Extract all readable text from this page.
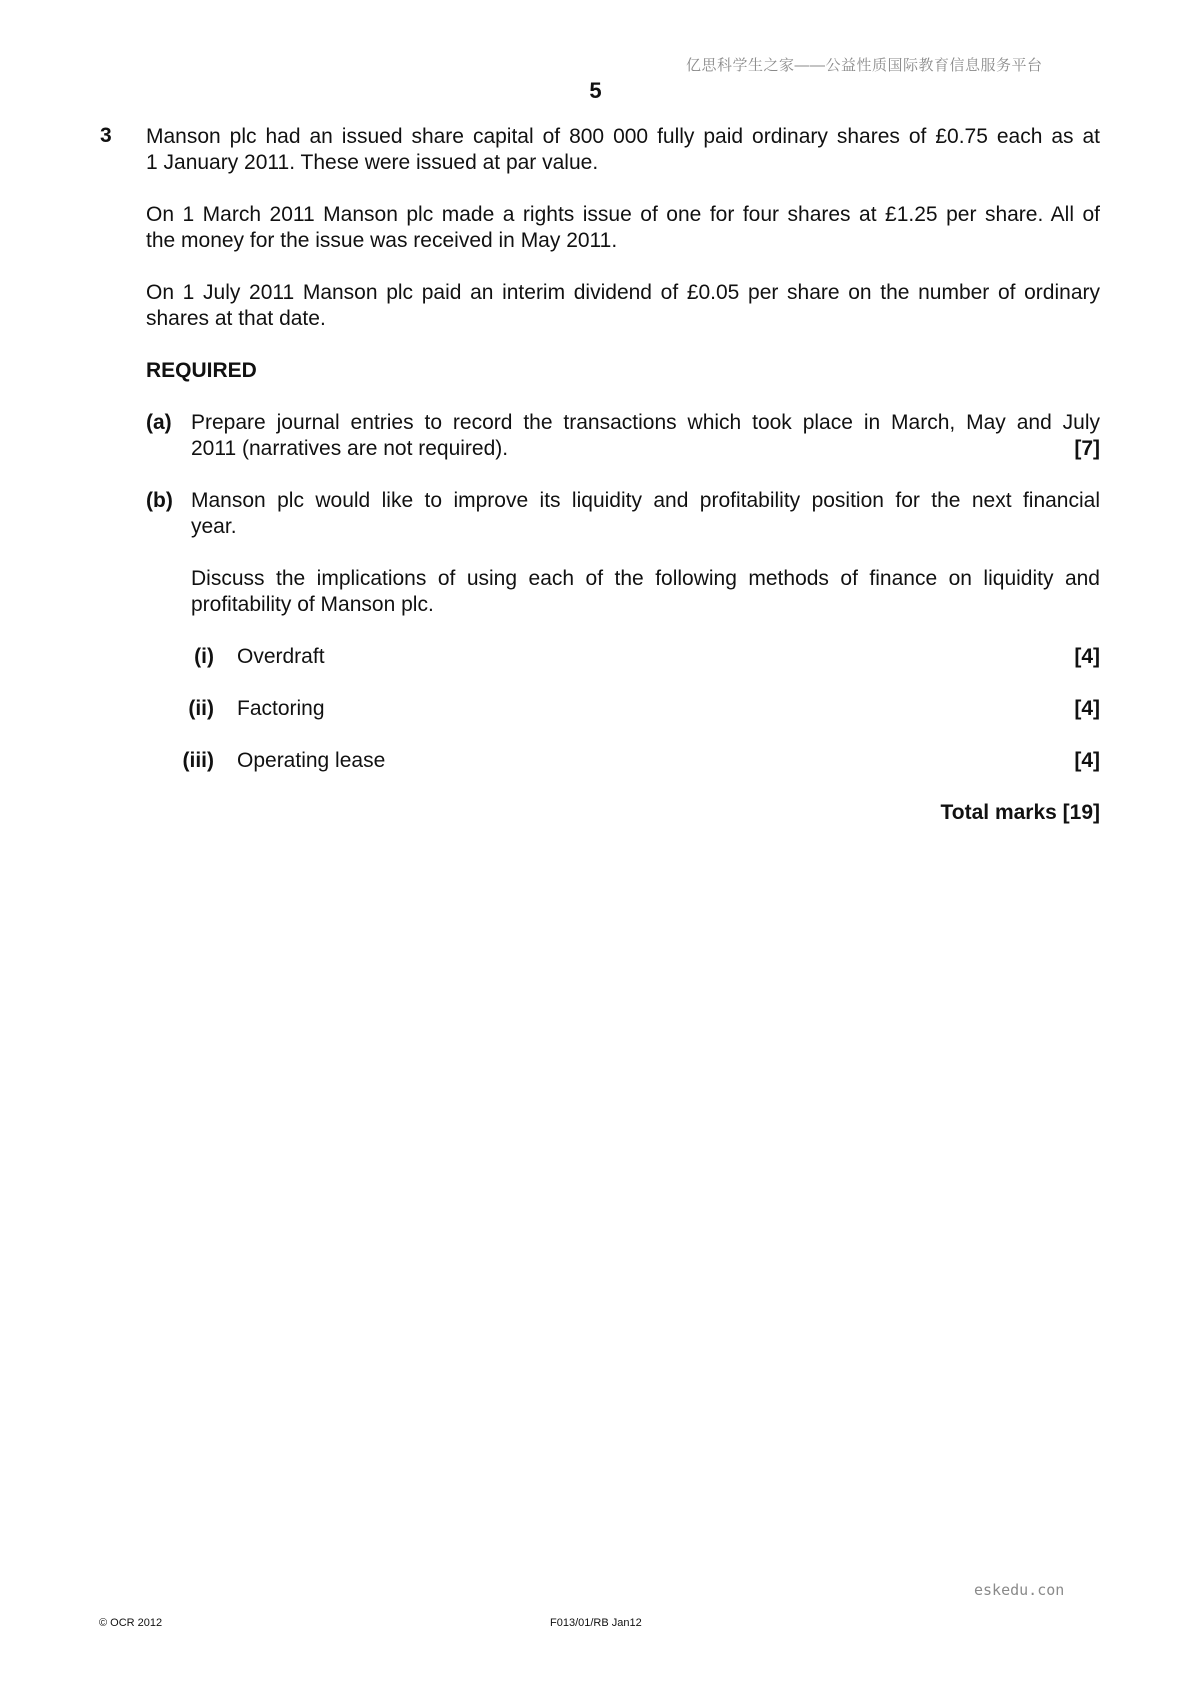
亿思科学生之家——公益性质国际教育信息服务平台
5
3 Manson plc had an issued share capital of 800 000 fully paid ordinary shares of £0.75 each as at
1 January 2011. These were issued at par value.
On 1 March 2011 Manson plc made a rights issue of one for four shares at £1.25 per share. All of
the money for the issue was received in May 2011.
On 1 July 2011 Manson plc paid an interim dividend of £0.05 per share on the number of ordinary
shares at that date.
REQUIRED
(a) Prepare journal entries to record the transactions which took place in March, May and July
2011 (narratives are not required).	[7]
(b) Manson plc would like to improve its liquidity and profitability position for the next financial
year.
Discuss the implications of using each of the following methods of finance on liquidity and
profitability of Manson plc.
(i) Overdraft	[4]
(ii) Factoring	[4]
(iii) Operating lease	[4]
Total marks [19]
eskedu.con
© OCR 2012	F013/01/RB Jan12
